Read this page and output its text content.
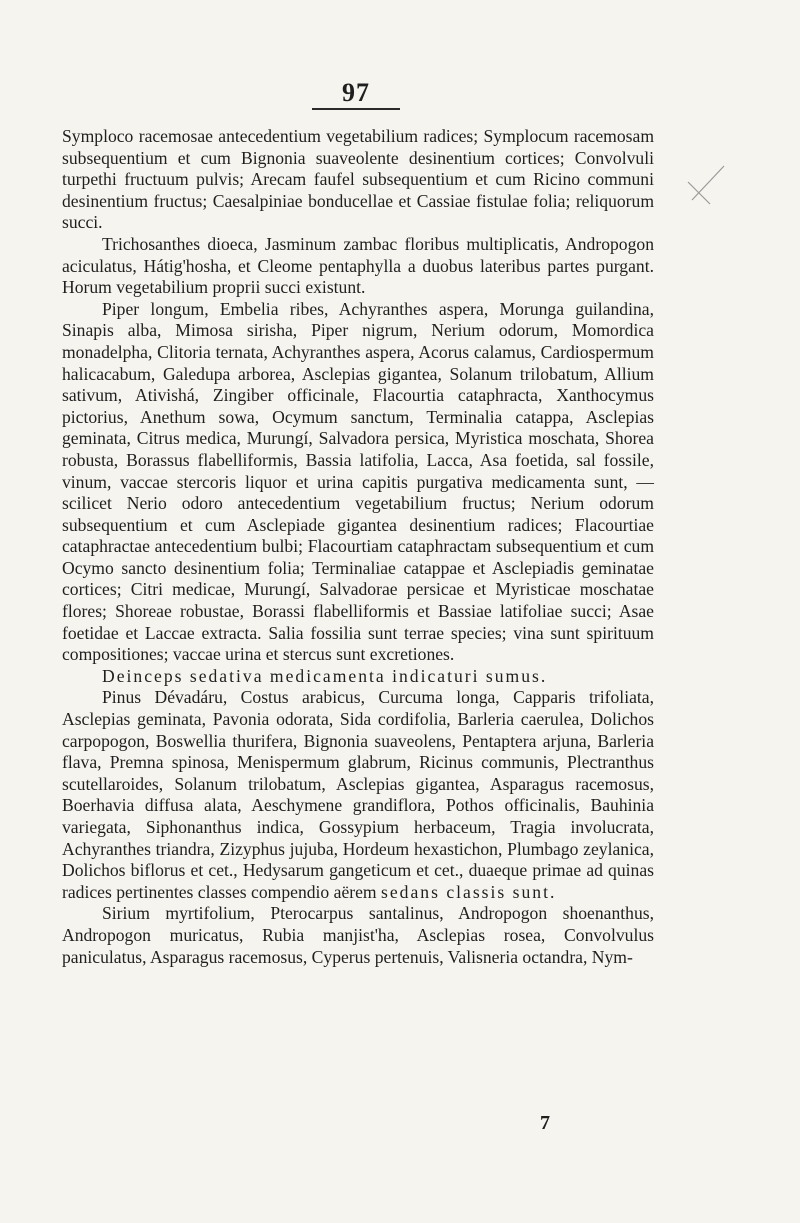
97

Symploco racemosae antecedentium vegetabilium radices; Symplocum racemosam subsequentium et cum Bignonia suaveolente desinentium cortices; Convolvuli turpethi fructuum pulvis; Arecam faufel subsequentium et cum Ricino communi desinentium fructus; Caesalpiniae bonducellae et Cassiae fistulae folia; reliquorum succi.

Trichosanthes dioeca, Jasminum zambac floribus multiplicatis, Andropogon aciculatus, Hátig'hosha, et Cleome pentaphylla a duobus lateribus partes purgant. Horum vegetabilium proprii succi existunt.

Piper longum, Embelia ribes, Achyranthes aspera, Morunga guilandina, Sinapis alba, Mimosa sirisha, Piper nigrum, Nerium odorum, Momordica monadelpha, Clitoria ternata, Achyranthes aspera, Acorus calamus, Cardiospermum halicacabum, Galedupa arborea, Asclepias gigantea, Solanum trilobatum, Allium sativum, Ativishá, Zingiber officinale, Flacourtia cataphracta, Xanthocymus pictorius, Anethum sowa, Ocymum sanctum, Terminalia catappa, Asclepias geminata, Citrus medica, Murungí, Salvadora persica, Myristica moschata, Shorea robusta, Borassus flabelliformis, Bassia latifolia, Lacca, Asa foetida, sal fossile, vinum, vaccae stercoris liquor et urina capitis purgativa medicamenta sunt, — scilicet Nerio odoro antecedentium vegetabilium fructus; Nerium odorum subsequentium et cum Asclepiade gigantea desinentium radices; Flacourtiae cataphractae antecedentium bulbi; Flacourtiam cataphractam subsequentium et cum Ocymo sancto desinentium folia; Terminaliae catappae et Asclepiadis geminatae cortices; Citri medicae, Murungí, Salvadorae persicae et Myristicae moschatae flores; Shoreae robustae, Borassi flabelliformis et Bassiae latifoliae succi; Asae foetidae et Laccae extracta. Salia fossilia sunt terrae species; vina sunt spirituum compositiones; vaccae urina et stercus sunt excretiones.

Deinceps sedativa medicamenta indicaturi sumus.

Pinus Dévadáru, Costus arabicus, Curcuma longa, Capparis trifoliata, Asclepias geminata, Pavonia odorata, Sida cordifolia, Barleria caerulea, Dolichos carpopogon, Boswellia thurifera, Bignonia suaveolens, Pentaptera arjuna, Barleria flava, Premna spinosa, Menispermum glabrum, Ricinus communis, Plectranthus scutellaroides, Solanum trilobatum, Asclepias gigantea, Asparagus racemosus, Boerhavia diffusa alata, Aeschymene grandiflora, Pothos officinalis, Bauhinia variegata, Siphonanthus indica, Gossypium herbaceum, Tragia involucrata, Achyranthes triandra, Zizyphus jujuba, Hordeum hexastichon, Plumbago zeylanica, Dolichos biflorus et cet., Hedysarum gangeticum et cet., duaeque primae ad quinas radices pertinentes classes compendio aërem sedans classis sunt.

Sirium myrtifolium, Pterocarpus santalinus, Andropogon shoenanthus, Andropogon muricatus, Rubia manjist'ha, Asclepias rosea, Convolvulus paniculatus, Asparagus racemosus, Cyperus pertenuis, Valisneria octandra, Nym-

7
